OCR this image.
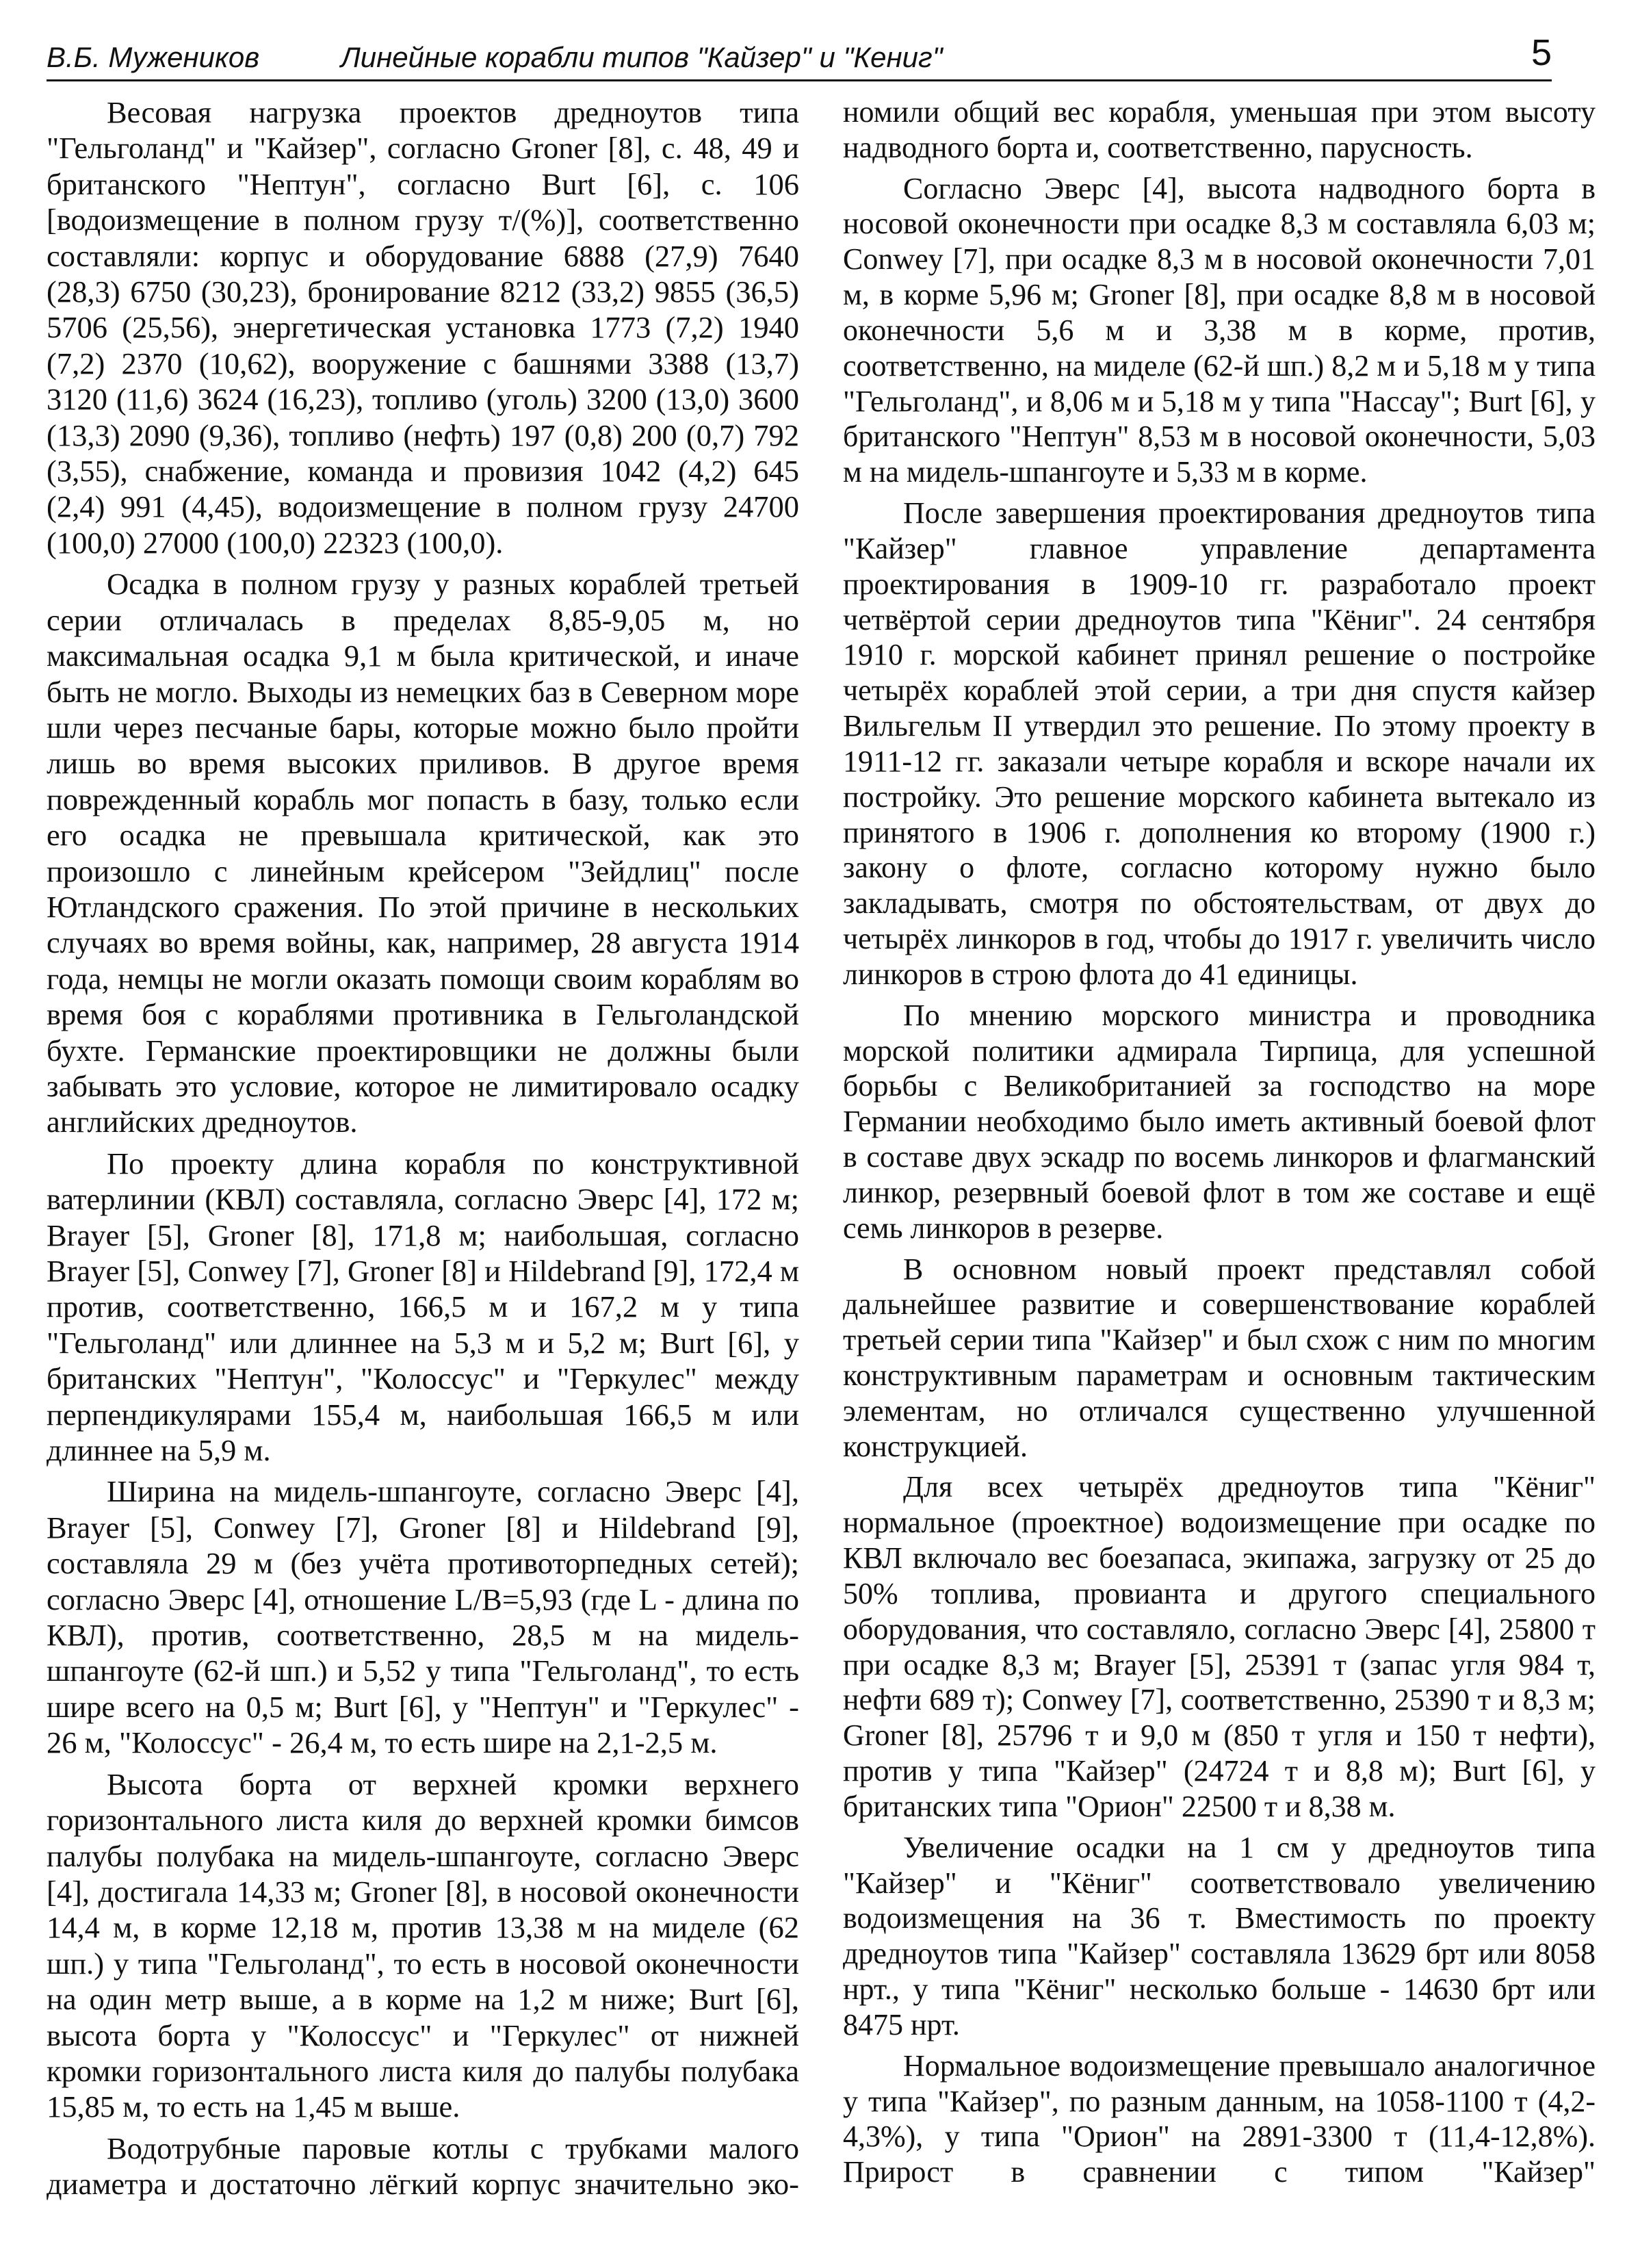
В.Б. Мужеников	Линейные корабли типов "Кайзер" и "Кениг"	5

Весовая нагрузка проектов дредноутов типа "Гельголанд" и "Кайзер", согласно Groner [8], с. 48, 49 и британского "Нептун", согласно Burt [6], с. 106 [водоизмещение в полном грузу т/(%)], соответственно составляли: корпус и оборудование 6888 (27,9) 7640 (28,3) 6750 (30,23), бронирование 8212 (33,2) 9855 (36,5) 5706 (25,56), энергетическая установка 1773 (7,2) 1940 (7,2) 2370 (10,62), вооружение с башнями 3388 (13,7) 3120 (11,6) 3624 (16,23), топливо (уголь) 3200 (13,0) 3600 (13,3) 2090 (9,36), топливо (нефть) 197 (0,8) 200 (0,7) 792 (3,55), снабжение, команда и провизия 1042 (4,2) 645 (2,4) 991 (4,45), водоизмещение в полном грузу 24700 (100,0) 27000 (100,0) 22323 (100,0).

Осадка в полном грузу у разных кораблей третьей серии отличалась в пределах 8,85-9,05 м, но максимальная осадка 9,1 м была критической, и иначе быть не могло. Выходы из немецких баз в Северном море шли через песчаные бары, которые можно было пройти лишь во время высоких приливов. В другое время поврежденный корабль мог попасть в базу, только если его осадка не превышала критической, как это произошло с линейным крейсером "Зейдлиц" после Ютландского сражения. По этой причине в нескольких случаях во время войны, как, например, 28 августа 1914 года, немцы не могли оказать помощи своим кораблям во время боя с кораблями противника в Гельголандской бухте. Германские проектировщики не должны были забывать это условие, которое не лимитировало осадку английских дредноутов.

По проекту длина корабля по конструктивной ватерлинии (КВЛ) составляла, согласно Эверс [4], 172 м; Brayer [5], Groner [8], 171,8 м; наибольшая, согласно Brayer [5], Conwey [7], Groner [8] и Hildebrand [9], 172,4 м против, соответственно, 166,5 м и 167,2 м у типа "Гельголанд" или длиннее на 5,3 м и 5,2 м; Burt [6], у британских "Нептун", "Колоссус" и "Геркулес" между перпендикулярами 155,4 м, наибольшая 166,5 м или длиннее на 5,9 м.

Ширина на мидель-шпангоуте, согласно Эверс [4], Brayer [5], Conwey [7], Groner [8] и Hildebrand [9], составляла 29 м (без учёта противоторпедных сетей); согласно Эверс [4], отношение L/B=5,93 (где L - длина по КВЛ), против, соответственно, 28,5 м на мидель-шпангоуте (62-й шп.) и 5,52 у типа "Гельголанд", то есть шире всего на 0,5 м; Burt [6], у "Нептун" и "Геркулес" - 26 м, "Колоссус" - 26,4 м, то есть шире на 2,1-2,5 м.

Высота борта от верхней кромки верхнего горизонтального листа киля до верхней кромки бимсов палубы полубака на мидель-шпангоуте, согласно Эверс [4], достигала 14,33 м; Groner [8], в носовой оконечности 14,4 м, в корме 12,18 м, против 13,38 м на миделе (62 шп.) у типа "Гельголанд", то есть в носовой оконечности на один метр выше, а в корме на 1,2 м ниже; Burt [6], высота борта у "Колоссус" и "Геркулес" от нижней кромки горизонтального листа киля до палубы полубака 15,85 м, то есть на 1,45 м выше.

Водотрубные паровые котлы с трубками малого диаметра и достаточно лёгкий корпус значительно эко-

номили общий вес корабля, уменьшая при этом высоту надводного борта и, соответственно, парусность.

Согласно Эверс [4], высота надводного борта в носовой оконечности при осадке 8,3 м составляла 6,03 м; Conwey [7], при осадке 8,3 м в носовой оконечности 7,01 м, в корме 5,96 м; Groner [8], при осадке 8,8 м в носовой оконечности 5,6 м и 3,38 м в корме, против, соответственно, на миделе (62-й шп.) 8,2 м и 5,18 м у типа "Гельголанд", и 8,06 м и 5,18 м у типа "Нассау"; Burt [6], у британского "Нептун" 8,53 м в носовой оконечности, 5,03 м на мидель-шпангоуте и 5,33 м в корме.

После завершения проектирования дредноутов типа "Кайзер" главное управление департамента проектирования в 1909-10 гг. разработало проект четвёртой серии дредноутов типа "Кёниг". 24 сентября 1910 г. морской кабинет принял решение о постройке четырёх кораблей этой серии, а три дня спустя кайзер Вильгельм II утвердил это решение. По этому проекту в 1911-12 гг. заказали четыре корабля и вскоре начали их постройку. Это решение морского кабинета вытекало из принятого в 1906 г. дополнения ко второму (1900 г.) закону о флоте, согласно которому нужно было закладывать, смотря по обстоятельствам, от двух до четырёх линкоров в год, чтобы до 1917 г. увеличить число линкоров в строю флота до 41 единицы.

По мнению морского министра и проводника морской политики адмирала Тирпица, для успешной борьбы с Великобританией за господство на море Германии необходимо было иметь активный боевой флот в составе двух эскадр по восемь линкоров и флагманский линкор, резервный боевой флот в том же составе и ещё семь линкоров в резерве.

В основном новый проект представлял собой дальнейшее развитие и совершенствование кораблей третьей серии типа "Кайзер" и был схож с ним по многим конструктивным параметрам и основным тактическим элементам, но отличался существенно улучшенной конструкцией.

Для всех четырёх дредноутов типа "Кёниг" нормальное (проектное) водоизмещение при осадке по КВЛ включало вес боезапаса, экипажа, загрузку от 25 до 50% топлива, провианта и другого специального оборудования, что составляло, согласно Эверс [4], 25800 т при осадке 8,3 м; Brayer [5], 25391 т (запас угля 984 т, нефти 689 т); Conwey [7], соответственно, 25390 т и 8,3 м; Groner [8], 25796 т и 9,0 м (850 т угля и 150 т нефти), против у типа "Кайзер" (24724 т и 8,8 м); Burt [6], у британских типа "Орион" 22500 т и 8,38 м.

Увеличение осадки на 1 см у дредноутов типа "Кайзер" и "Кёниг" соответствовало увеличению водоизмещения на 36 т. Вместимость по проекту дредноутов типа "Кайзер" составляла 13629 брт или 8058 нрт., у типа "Кёниг" несколько больше - 14630 брт или 8475 нрт.

Нормальное водоизмещение превышало аналогичное у типа "Кайзер", по разным данным, на 1058-1100 т (4,2-4,3%), у типа "Орион" на 2891-3300 т (11,4-12,8%). Прирост в сравнении с типом "Кайзер"
